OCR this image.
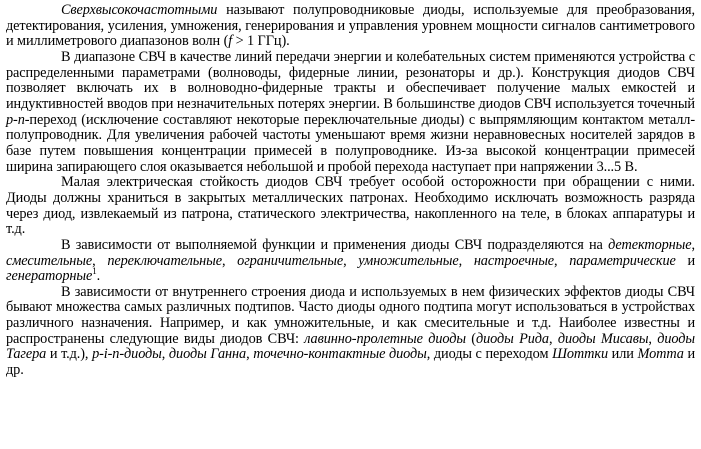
Сверхвысокочастотными называют полупроводниковые диоды, используемые для преобразования, детектирования, усиления, умножения, генерирования и управления уровнем мощности сигналов сантиметрового и миллиметрового диапазонов волн (f > 1 ГГц).

В диапазоне СВЧ в качестве линий передачи энергии и колебательных систем применяются устройства с распределенными параметрами (волноводы, фидерные линии, резонаторы и др.). Конструкция диодов СВЧ позволяет включать их в волноводно-фидерные тракты и обеспечивает получение малых емкостей и индуктивностей вводов при незначительных потерях энергии. В большинстве диодов СВЧ используется точечный p-n-переход (исключение составляют некоторые переключательные диоды) с выпрямляющим контактом металл-полупроводник. Для увеличения рабочей частоты уменьшают время жизни неравновесных носителей зарядов в базе путем повышения концентрации примесей в полупроводнике. Из-за высокой концентрации примесей ширина запирающего слоя оказывается небольшой и пробой перехода наступает при напряжении 3...5 В.

Малая электрическая стойкость диодов СВЧ требует особой осторожности при обращении с ними. Диоды должны храниться в закрытых металлических патронах. Необходимо исключать возможность разряда через диод, извлекаемый из патрона, статического электричества, накопленного на теле, в блоках аппаратуры и т.д.

В зависимости от выполняемой функции и применения диоды СВЧ подразделяются на детекторные, смесительные, переключательные, ограничительные, умножительные, настроечные, параметрические и генераторные$^1$.

В зависимости от внутреннего строения диода и используемых в нем физических эффектов диоды СВЧ бывают множества самых различных подтипов. Часто диоды одного подтипа могут использоваться в устройствах различного назначения. Например, и как умножительные, и как смесительные и т.д. Наиболее известны и распространены следующие виды диодов СВЧ: лавинно-пролетные диоды (диоды Рида, диоды Мисавы, диоды Тагера и т.д.), p-i-n-диоды, диоды Ганна, точечно-контактные диоды, диоды с переходом Шоттки или Мотта и др.
